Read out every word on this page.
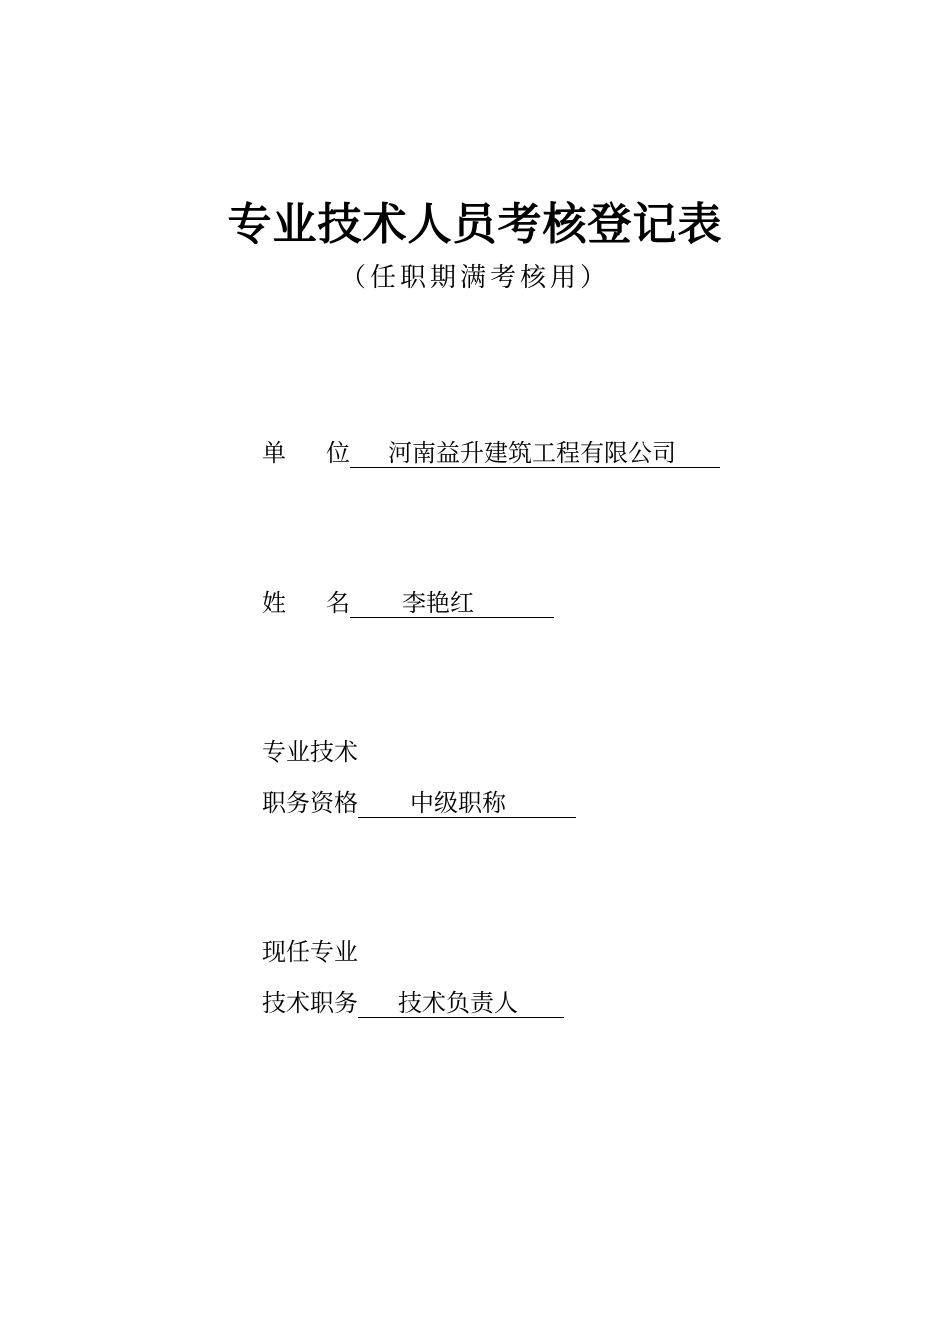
专业技术人员考核登记表
（任职期满考核用）
单 位	河南益升建筑工程有限公司
姓 名	李艳红
专业技术
职务资格	中级职称
现任专业
技术职务	技术负责人
